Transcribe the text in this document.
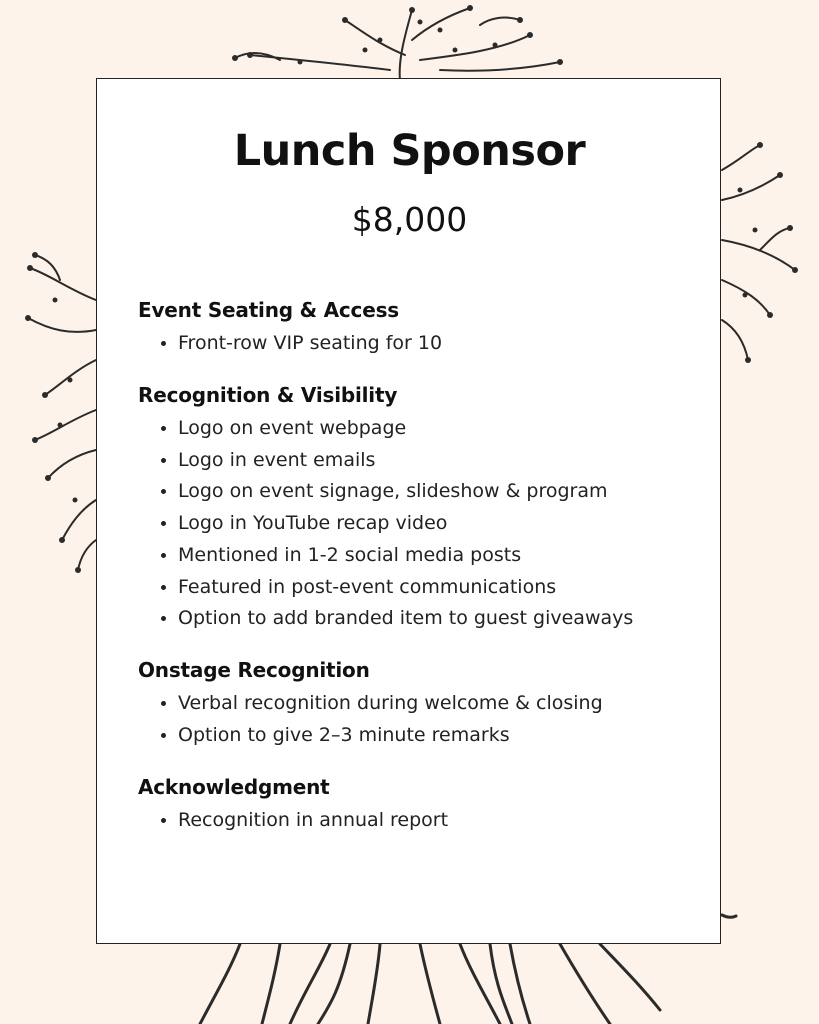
Lunch Sponsor
$8,000
Event Seating & Access
• Front-row VIP seating for 10
Recognition & Visibility
• Logo on event webpage
• Logo in event emails
• Logo on event signage, slideshow & program
• Logo in YouTube recap video
• Mentioned in 1-2 social media posts
• Featured in post-event communications
• Option to add branded item to guest giveaways
Onstage Recognition
• Verbal recognition during welcome & closing
• Option to give 2–3 minute remarks
Acknowledgment
• Recognition in annual report
